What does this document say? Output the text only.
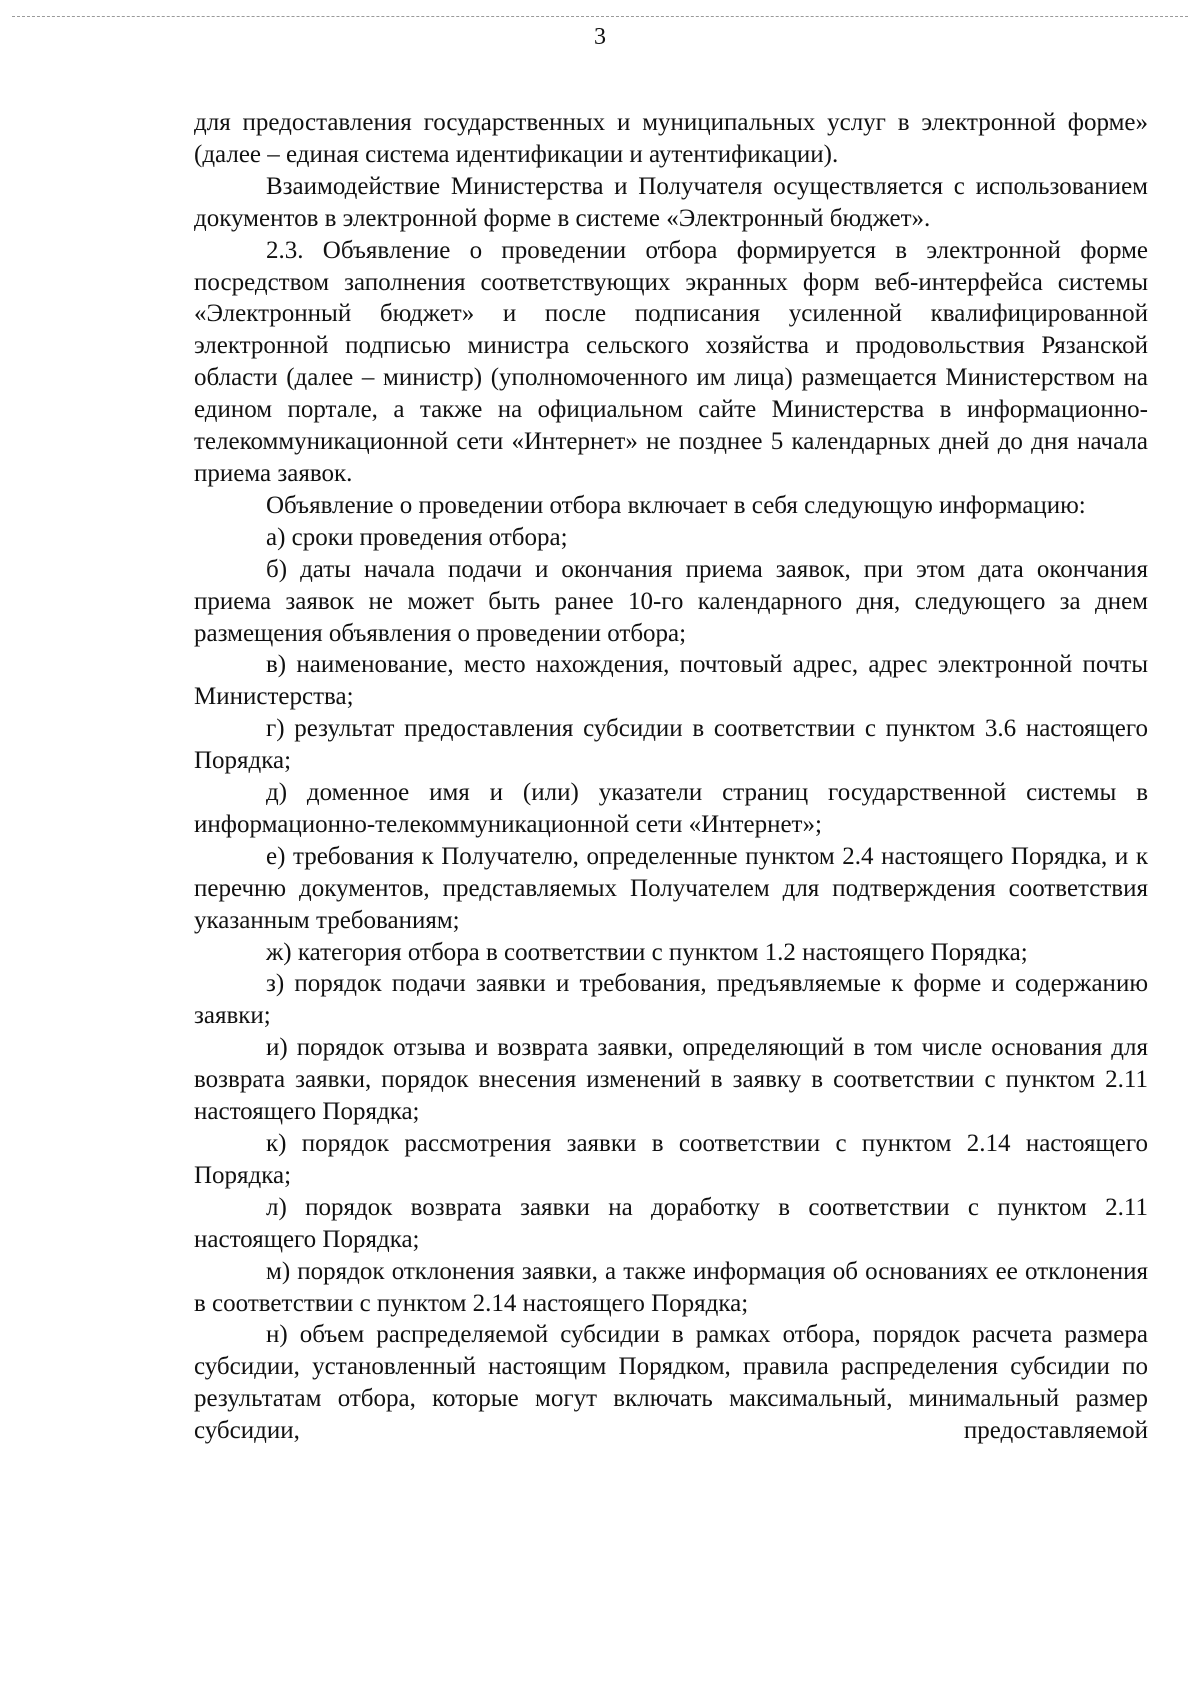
3

для предоставления государственных и муниципальных услуг в электронной форме» (далее – единая система идентификации и аутентификации).

Взаимодействие Министерства и Получателя осуществляется с использованием документов в электронной форме в системе «Электронный бюджет».

2.3. Объявление о проведении отбора формируется в электронной форме посредством заполнения соответствующих экранных форм веб-интерфейса системы «Электронный бюджет» и после подписания усиленной квалифицированной электронной подписью министра сельского хозяйства и продовольствия Рязанской области (далее – министр) (уполномоченного им лица) размещается Министерством на едином портале, а также на официальном сайте Министерства в информационно-телекоммуникационной сети «Интернет» не позднее 5 календарных дней до дня начала приема заявок.

Объявление о проведении отбора включает в себя следующую информацию:

а) сроки проведения отбора;

б) даты начала подачи и окончания приема заявок, при этом дата окончания приема заявок не может быть ранее 10-го календарного дня, следующего за днем размещения объявления о проведении отбора;

в) наименование, место нахождения, почтовый адрес, адрес электронной почты Министерства;

г) результат предоставления субсидии в соответствии с пунктом 3.6 настоящего Порядка;

д) доменное имя и (или) указатели страниц государственной системы в информационно-телекоммуникационной сети «Интернет»;

е) требования к Получателю, определенные пунктом 2.4 настоящего Порядка, и к перечню документов, представляемых Получателем для подтверждения соответствия указанным требованиям;

ж) категория отбора в соответствии с пунктом 1.2 настоящего Порядка;

з) порядок подачи заявки и требования, предъявляемые к форме и содержанию заявки;

и) порядок отзыва и возврата заявки, определяющий в том числе основания для возврата заявки, порядок внесения изменений в заявку в соответствии с пунктом 2.11 настоящего Порядка;

к) порядок рассмотрения заявки в соответствии с пунктом 2.14 настоящего Порядка;

л) порядок возврата заявки на доработку в соответствии с пунктом 2.11 настоящего Порядка;

м) порядок отклонения заявки, а также информация об основаниях ее отклонения в соответствии с пунктом 2.14 настоящего Порядка;

н) объем распределяемой субсидии в рамках отбора, порядок расчета размера субсидии, установленный настоящим Порядком, правила распределения субсидии по результатам отбора, которые могут включать максимальный, минимальный размер субсидии, предоставляемой
